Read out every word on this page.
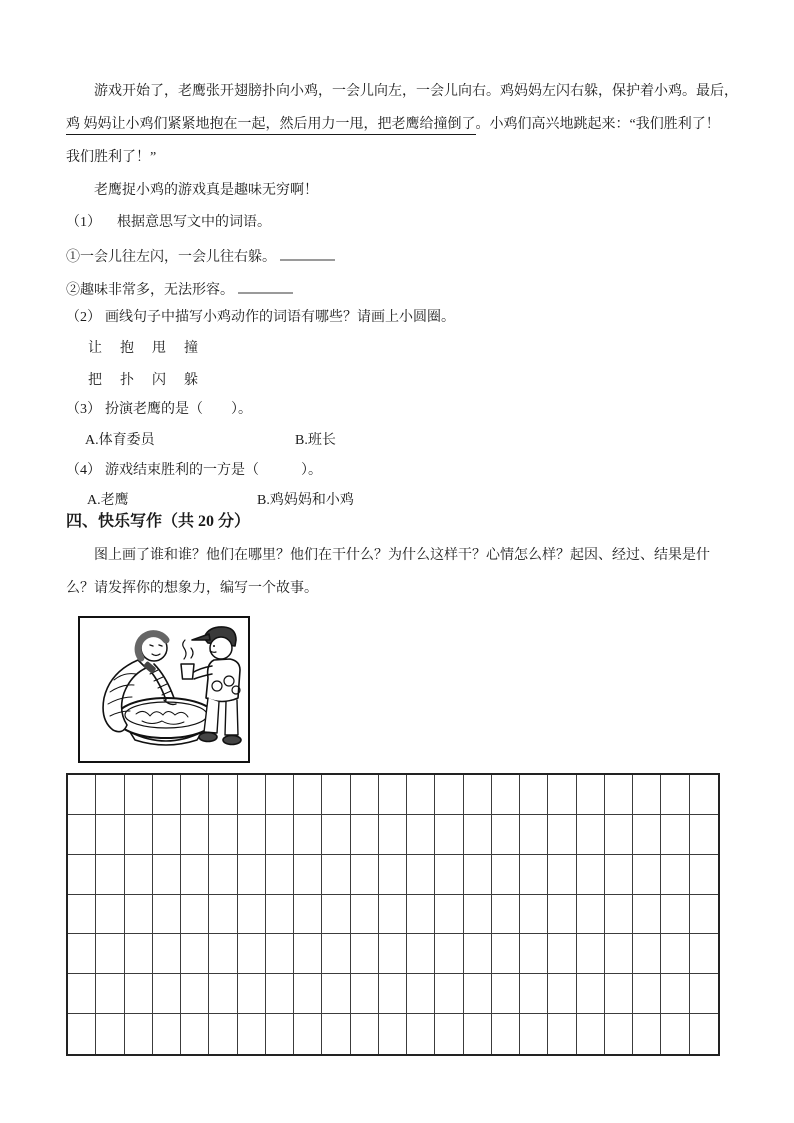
游戏开始了，老鹰张开翅膀扑向小鸡，一会儿向左，一会儿向右。鸡妈妈左闪右躲，保护着小鸡。最后，
鸡 妈妈让小鸡们紧紧地抱在一起，然后用力一甩，把老鹰给撞倒了。小鸡们高兴地跳起来：“我们胜利了！
我们胜利了！”
老鹰捉小鸡的游戏真是趣味无穷啊！
（1） 根据意思写文中的词语。
①一会儿往左闪，一会儿往右躲。
②趣味非常多，无法形容。
（2） 画线句子中描写小鸡动作的词语有哪些？请画上小圆圈。
让　抱　甩　撞
把　扑　闪　躲
（3） 扮演老鹰的是（　　）。
A.体育委员	B.班长
（4） 游戏结束胜利的一方是（　　　）。
A.老鹰	B.鸡妈妈和小鸡
四、快乐写作（共 20 分）
图上画了谁和谁？他们在哪里？他们在干什么？为什么这样干？心情怎么样？起因、经过、结果是什
么？请发挥你的想象力，编写一个故事。
